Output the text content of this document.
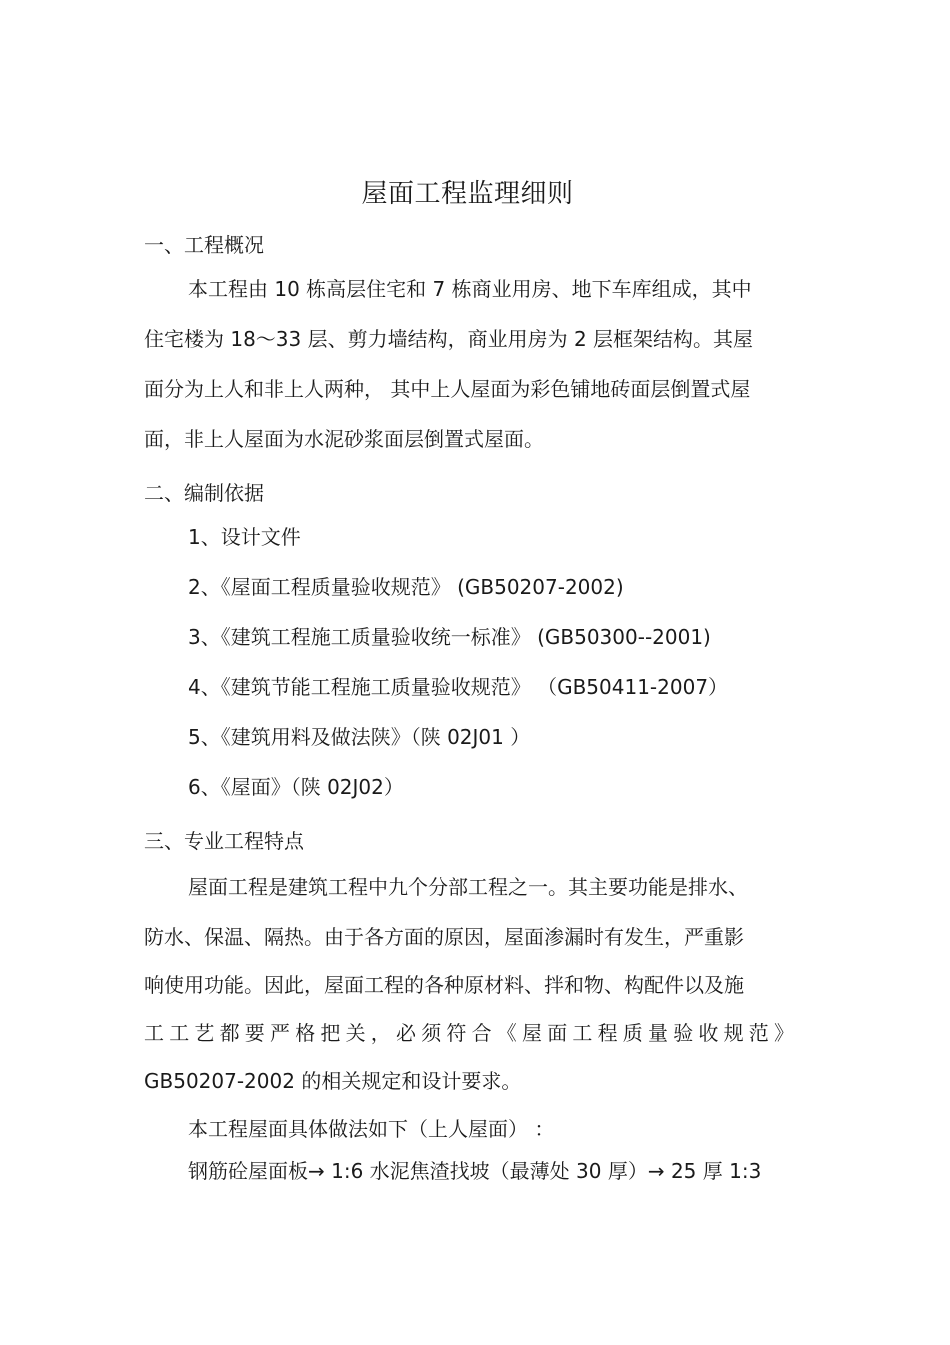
屋面工程监理细则
一、工程概况
本工程由 10 栋高层住宅和 7 栋商业用房、地下车库组成，其中
住宅楼为 18～33 层、剪力墙结构，商业用房为 2 层框架结构。其屋
面分为上人和非上人两种， 其中上人屋面为彩色铺地砖面层倒置式屋
面，非上人屋面为水泥砂浆面层倒置式屋面。
二、编制依据
1、设计文件
2、《屋面工程质量验收规范》 (GB50207-2002)
3、《建筑工程施工质量验收统一标准》 (GB50300--2001)
4、《建筑节能工程施工质量验收规范》 （GB50411-2007）
5、《建筑用料及做法陕》（陕 02J01 ）
6、《屋面》（陕 02J02）
三、专业工程特点
屋面工程是建筑工程中九个分部工程之一。其主要功能是排水、
防水、保温、隔热。由于各方面的原因，屋面渗漏时有发生，严重影
响使用功能。因此，屋面工程的各种原材料、拌和物、构配件以及施
工工艺都要严格把关，必须符合《屋面工程质量验收规范》
GB50207-2002 的相关规定和设计要求。
本工程屋面具体做法如下（上人屋面） ：
钢筋砼屋面板→ 1:6 水泥焦渣找坡（最薄处 30 厚）→ 25 厚 1:3
